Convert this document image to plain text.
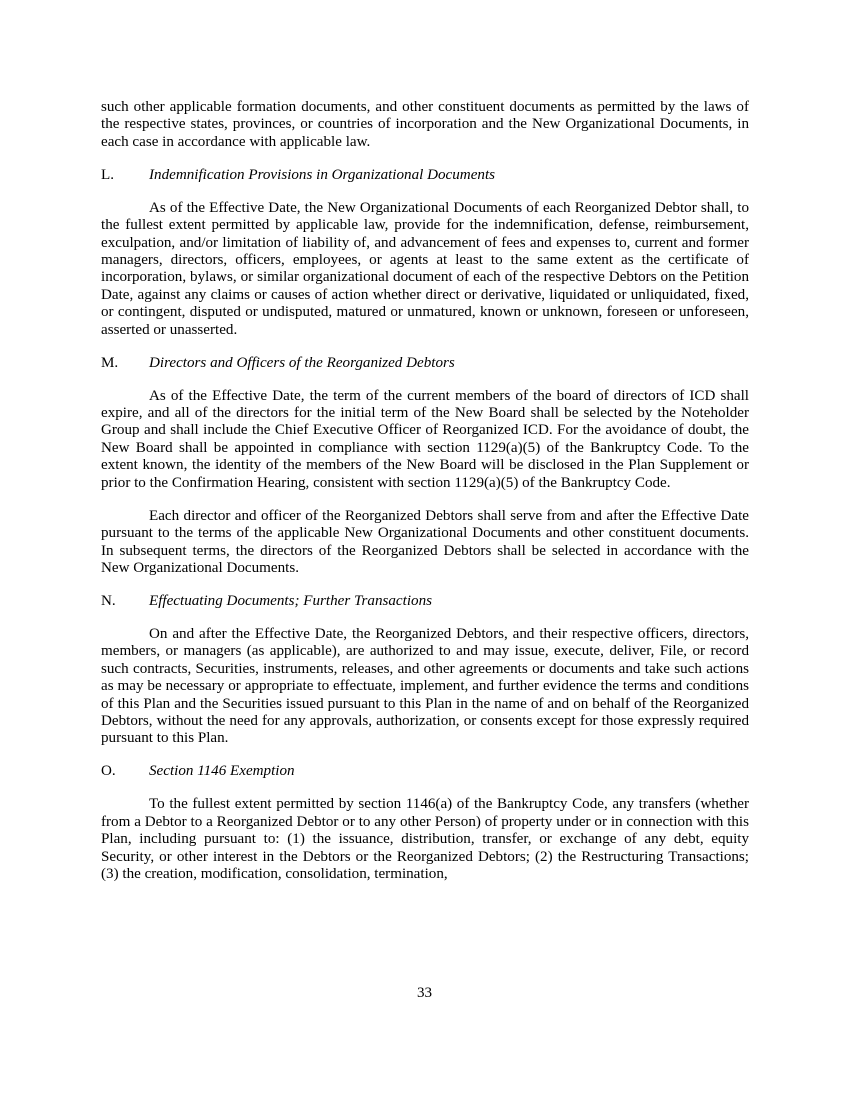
such other applicable formation documents, and other constituent documents as permitted by the laws of the respective states, provinces, or countries of incorporation and the New Organizational Documents, in each case in accordance with applicable law.

L.	Indemnification Provisions in Organizational Documents

As of the Effective Date, the New Organizational Documents of each Reorganized Debtor shall, to the fullest extent permitted by applicable law, provide for the indemnification, defense, reimbursement, exculpation, and/or limitation of liability of, and advancement of fees and expenses to, current and former managers, directors, officers, employees, or agents at least to the same extent as the certificate of incorporation, bylaws, or similar organizational document of each of the respective Debtors on the Petition Date, against any claims or causes of action whether direct or derivative, liquidated or unliquidated, fixed, or contingent, disputed or undisputed, matured or unmatured, known or unknown, foreseen or unforeseen, asserted or unasserted.

M.	Directors and Officers of the Reorganized Debtors

As of the Effective Date, the term of the current members of the board of directors of ICD shall expire, and all of the directors for the initial term of the New Board shall be selected by the Noteholder Group and shall include the Chief Executive Officer of Reorganized ICD. For the avoidance of doubt, the New Board shall be appointed in compliance with section 1129(a)(5) of the Bankruptcy Code. To the extent known, the identity of the members of the New Board will be disclosed in the Plan Supplement or prior to the Confirmation Hearing, consistent with section 1129(a)(5) of the Bankruptcy Code.

Each director and officer of the Reorganized Debtors shall serve from and after the Effective Date pursuant to the terms of the applicable New Organizational Documents and other constituent documents. In subsequent terms, the directors of the Reorganized Debtors shall be selected in accordance with the New Organizational Documents.

N.	Effectuating Documents; Further Transactions

On and after the Effective Date, the Reorganized Debtors, and their respective officers, directors, members, or managers (as applicable), are authorized to and may issue, execute, deliver, File, or record such contracts, Securities, instruments, releases, and other agreements or documents and take such actions as may be necessary or appropriate to effectuate, implement, and further evidence the terms and conditions of this Plan and the Securities issued pursuant to this Plan in the name of and on behalf of the Reorganized Debtors, without the need for any approvals, authorization, or consents except for those expressly required pursuant to this Plan.

O.	Section 1146 Exemption

To the fullest extent permitted by section 1146(a) of the Bankruptcy Code, any transfers (whether from a Debtor to a Reorganized Debtor or to any other Person) of property under or in connection with this Plan, including pursuant to: (1) the issuance, distribution, transfer, or exchange of any debt, equity Security, or other interest in the Debtors or the Reorganized Debtors; (2) the Restructuring Transactions; (3) the creation, modification, consolidation, termination,

33
